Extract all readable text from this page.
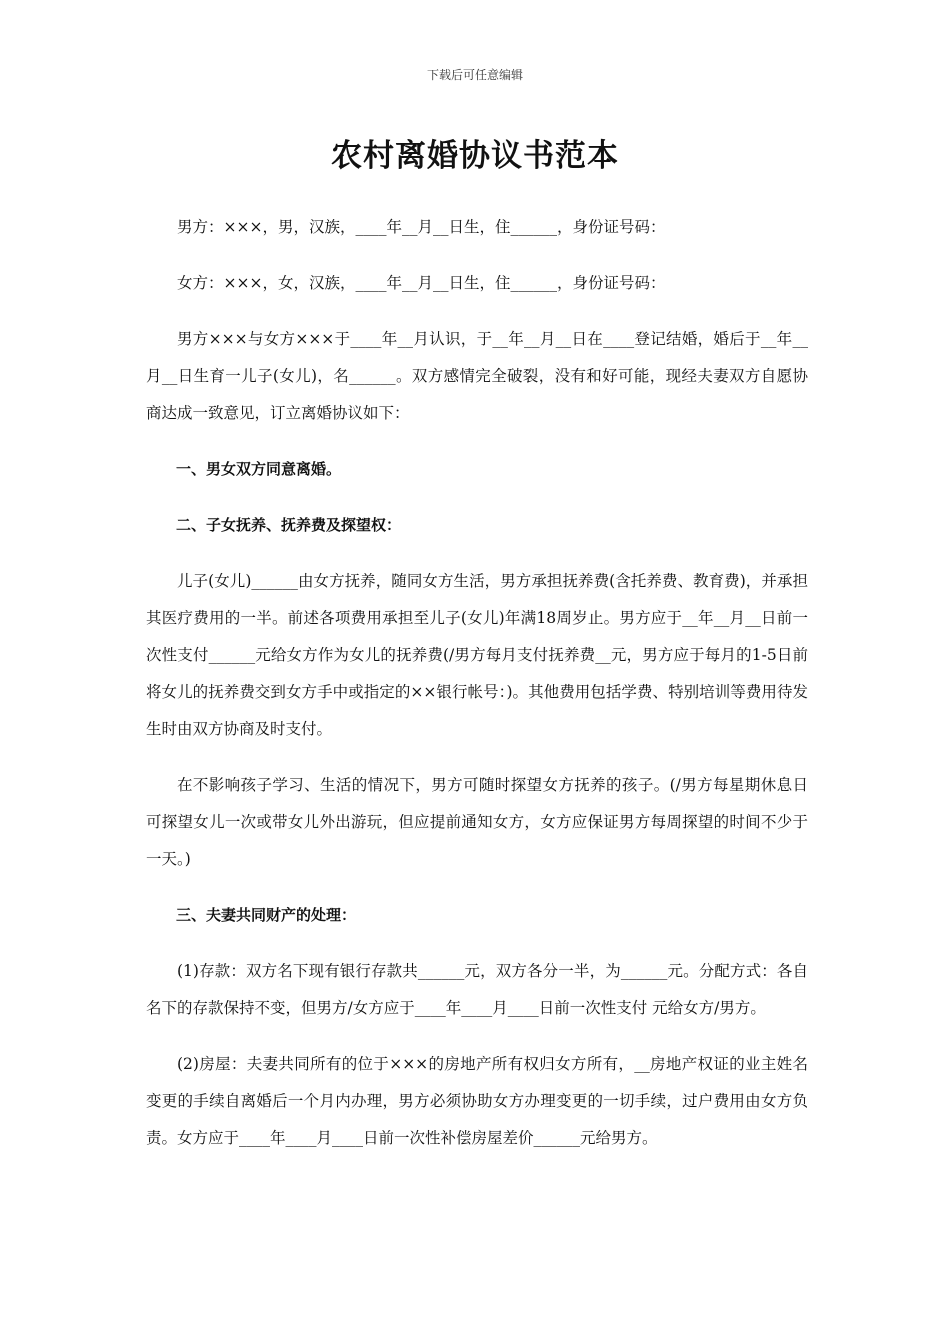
下载后可任意编辑
农村离婚协议书范本

男方：×××，男，汉族，____年__月__日生，住______，身份证号码：

女方：×××，女，汉族，____年__月__日生，住______，身份证号码：

男方×××与女方×××于____年__月认识，于__年__月__日在____登记结婚，婚后于__年__月__日生育一儿子(女儿)，名______。双方感情完全破裂，没有和好可能，现经夫妻双方自愿协商达成一致意见，订立离婚协议如下：

一、男女双方同意离婚。

二、子女抚养、抚养费及探望权：

儿子(女儿)______由女方抚养，随同女方生活，男方承担抚养费(含托养费、教育费)，并承担其医疗费用的一半。前述各项费用承担至儿子(女儿)年满18周岁止。男方应于__年__月__日前一次性支付______元给女方作为女儿的抚养费(/男方每月支付抚养费__元，男方应于每月的1-5日前将女儿的抚养费交到女方手中或指定的××银行帐号：)。其他费用包括学费、特别培训等费用待发生时由双方协商及时支付。

在不影响孩子学习、生活的情况下，男方可随时探望女方抚养的孩子。(/男方每星期休息日可探望女儿一次或带女儿外出游玩，但应提前通知女方，女方应保证男方每周探望的时间不少于一天。)

三、夫妻共同财产的处理：

(1)存款：双方名下现有银行存款共______元，双方各分一半，为______元。分配方式：各自名下的存款保持不变，但男方/女方应于____年____月____日前一次性支付 元给女方/男方。

(2)房屋：夫妻共同所有的位于×××的房地产所有权归女方所有，__房地产权证的业主姓名变更的手续自离婚后一个月内办理，男方必须协助女方办理变更的一切手续，过户费用由女方负责。女方应于____年____月____日前一次性补偿房屋差价______元给男方。
